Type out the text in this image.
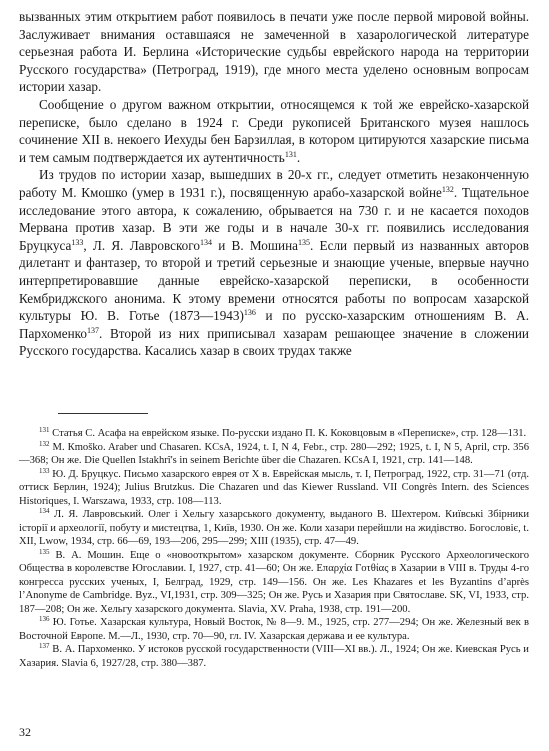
вызванных этим открытием работ появилось в печати уже после первой мировой войны. Заслуживает внимания оставшаяся не замеченной в хазарологической литературе серьезная работа И. Берлина «Исторические судьбы еврейского народа на территории Русского государства» (Петроград, 1919), где много места уделено основным вопросам истории хазар.

Сообщение о другом важном открытии, относящемся к той же еврейско-хазарской переписке, было сделано в 1924 г. Среди рукописей Британского музея нашлось сочинение XII в. некоего Иехуды бен Барзиллая, в котором цитируются хазарские письма и тем самым подтверждается их аутентичность$^{131}$.

Из трудов по истории хазар, вышедших в 20-х гг., следует отметить незаконченную работу М. Кмошко (умер в 1931 г.), посвященную арабо-хазарской войне$^{132}$. Тщательное исследование этого автора, к сожалению, обрывается на 730 г. и не касается походов Мервана против хазар. В эти же годы и в начале 30-х гг. появились исследования Бруцкуса$^{133}$, Л. Я. Лавровского$^{134}$ и В. Мошина$^{135}$. Если первый из названных авторов дилетант и фантазер, то второй и третий серьезные и знающие ученые, впервые научно интерпретировавшие данные еврейско-хазарской переписки, в особенности Кембриджского анонима. К этому времени относятся работы по вопросам хазарской культуры Ю. В. Готье (1873—1943)$^{136}$ и по русско-хазарским отношениям В. А. Пархоменко$^{137}$. Второй из них приписывал хазарам решающее значение в сложении Русского государства. Касались хазар в своих трудах также

$^{131}$ Статья С. Асафа на еврейском языке. По-русски издано П. К. Коковцовым в «Переписке», стр. 128—131.

$^{132}$ М. Кmoško. Araber und Chasaren. KCsA, 1924, t. I, N 4, Febr., стр. 280—292; 1925, t. I, N 5, April, стр. 356—368; Он же. Die Quellen Istakhrî's in seinem Berichte über die Chazaren. KCsA I, 1921, стр. 141—148.

$^{133}$ Ю. Д. Бруцкус. Письмо хазарского еврея от X в. Еврейская мысль, т. I, Петроград, 1922, стр. 31—71 (отд. оттиск Берлин, 1924); Julius Brutzkus. Die Chazaren und das Kiewer Russland. VII Congrès Intern. des Sciences Historiques, I. Warszawa, 1933, стр. 108—113.

$^{134}$ Л. Я. Лавровський. Олег і Хельгу хазарського документу, выданого В. Шехтером. Київськi Збiрники історії и археології, побуту и мистецтва, 1, Київ, 1930. Он же. Коли хазари перейшли на жидiвство. Богословіє, t. XII, Lwow, 1934, стр. 66—69, 193—206, 295—299; XIII (1935), стр. 47—49.

$^{135}$ В. А. Мошин. Еще о «новооткрытом» хазарском документе. Сборник Русского Археологического Общества в королевстве Югославии. I, 1927, стр. 41—60; Он же. Επαρχία Γοτθίας в Хазарии в VIII в. Труды 4-го конгресса русских ученых, I, Белград, 1929, стр. 149—156. Он же. Les Khazares et les Byzantins d’après l’Anonyme de Cambridge. Byz., VI,1931, стр. 309—325; Он же. Русь и Хазария при Святославе. SK, VI, 1933, стр. 187—208; Он же. Хельгу хазарского документа. Slavia, XV. Praha, 1938, стр. 191—200.

$^{136}$ Ю. Готье. Хазарская культура, Новый Восток, № 8—9. М., 1925, стр. 277—294; Он же. Железный век в Восточной Европе. М.—Л., 1930, стр. 70—90, гл. IV. Хазарская держава и ее культура.

$^{137}$ В. А. Пархоменко. У истоков русской государственности (VIII—XI вв.). Л., 1924; Он же. Киевская Русь и Хазария. Slavia 6, 1927/28, стр. 380—387.

32
